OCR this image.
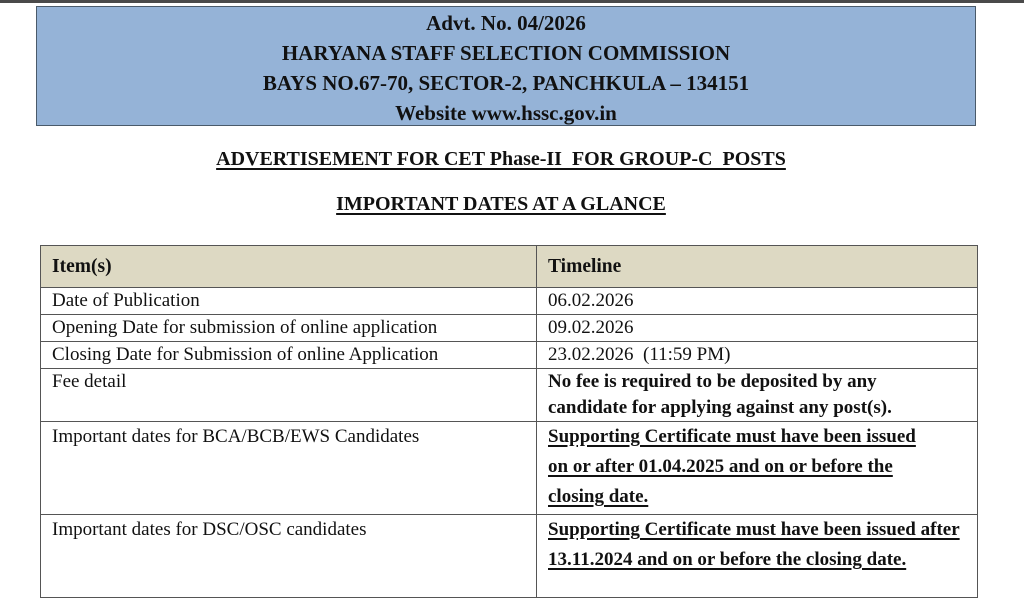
Advt. No. 04/2026
HARYANA STAFF SELECTION COMMISSION
BAYS NO.67-70, SECTOR-2, PANCHKULA – 134151
Website www.hssc.gov.in
ADVERTISEMENT FOR CET Phase-II  FOR GROUP-C  POSTS
IMPORTANT DATES AT A GLANCE
Item(s)	Timeline
Date of Publication	06.02.2026
Opening Date for submission of online application	09.02.2026
Closing Date for Submission of online Application	23.02.2026  (11:59 PM)
Fee detail	No fee is required to be deposited by any candidate for applying against any post(s).
Important dates for BCA/BCB/EWS Candidates	Supporting Certificate must have been issued on or after 01.04.2025 and on or before the closing date.
Important dates for DSC/OSC candidates	Supporting Certificate must have been issued after 13.11.2024 and on or before the closing date.
